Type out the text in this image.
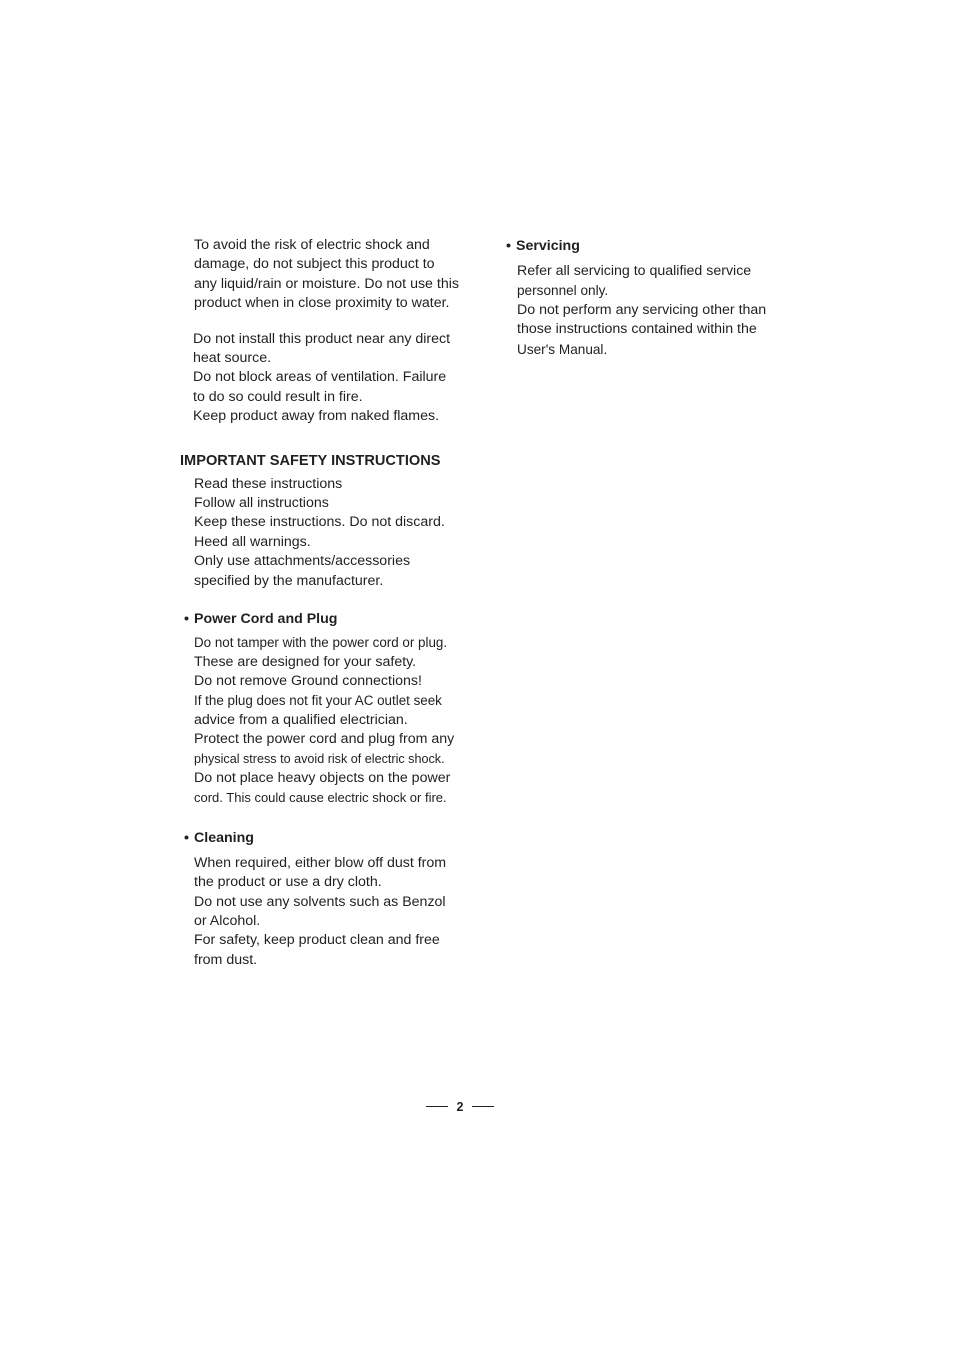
To avoid the risk of electric shock and
damage, do not subject this product to
any liquid/rain or moisture. Do not use this
product when in close proximity to water.
Do not install this product near any direct
heat source.
Do not block areas of ventilation. Failure
to do so could result in fire.
Keep product away from naked flames.
IMPORTANT SAFETY INSTRUCTIONS
Read these instructions
Follow all instructions
Keep these instructions. Do not discard.
Heed all warnings.
Only use attachments/accessories
specified by the manufacturer.
• Power Cord and Plug
Do not tamper with the power cord or plug.
These are designed for your safety.
Do not remove Ground connections!
If the plug does not fit your AC outlet seek
advice from a qualified electrician.
Protect the power cord and plug from any
physical stress to avoid risk of electric shock.
Do not place heavy objects on the power
cord. This could cause electric shock or fire.
• Cleaning
When required, either blow off dust from
the product or use a dry cloth.
Do not use any solvents such as Benzol
or Alcohol.
For safety, keep product clean and free
from dust.
• Servicing
Refer all servicing to qualified service
personnel only.
Do not perform any servicing other than
those instructions contained within the
User's Manual.
2
